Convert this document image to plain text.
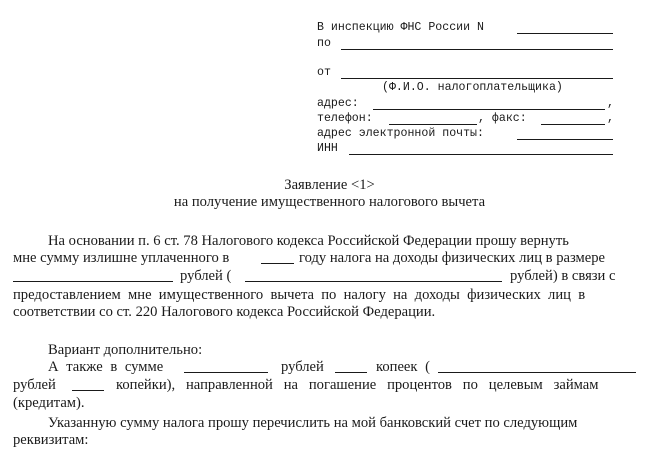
В инспекцию ФНС России N
по
от
(Ф.И.О. налогоплательщика)
адрес:	,
телефон:	, факс:	,
адрес электронной почты:
ИНН
Заявление <1>
на получение имущественного налогового вычета
На основании п. 6 ст. 78 Налогового кодекса Российской Федерации прошу вернуть
мне сумму излишне уплаченного в	году налога на доходы физических лиц в размере
рублей (	рублей) в связи с
предоставлением мне имущественного вычета по налогу на доходы физических лиц в
соответствии со ст. 220 Налогового кодекса Российской Федерации.
Вариант дополнительно:
А также в сумме	рублей	копеек (
рублей	копейки), направленной на погашение процентов по целевым займам
(кредитам).
Указанную сумму налога прошу перечислить на мой банковский счет по следующим
реквизитам:
